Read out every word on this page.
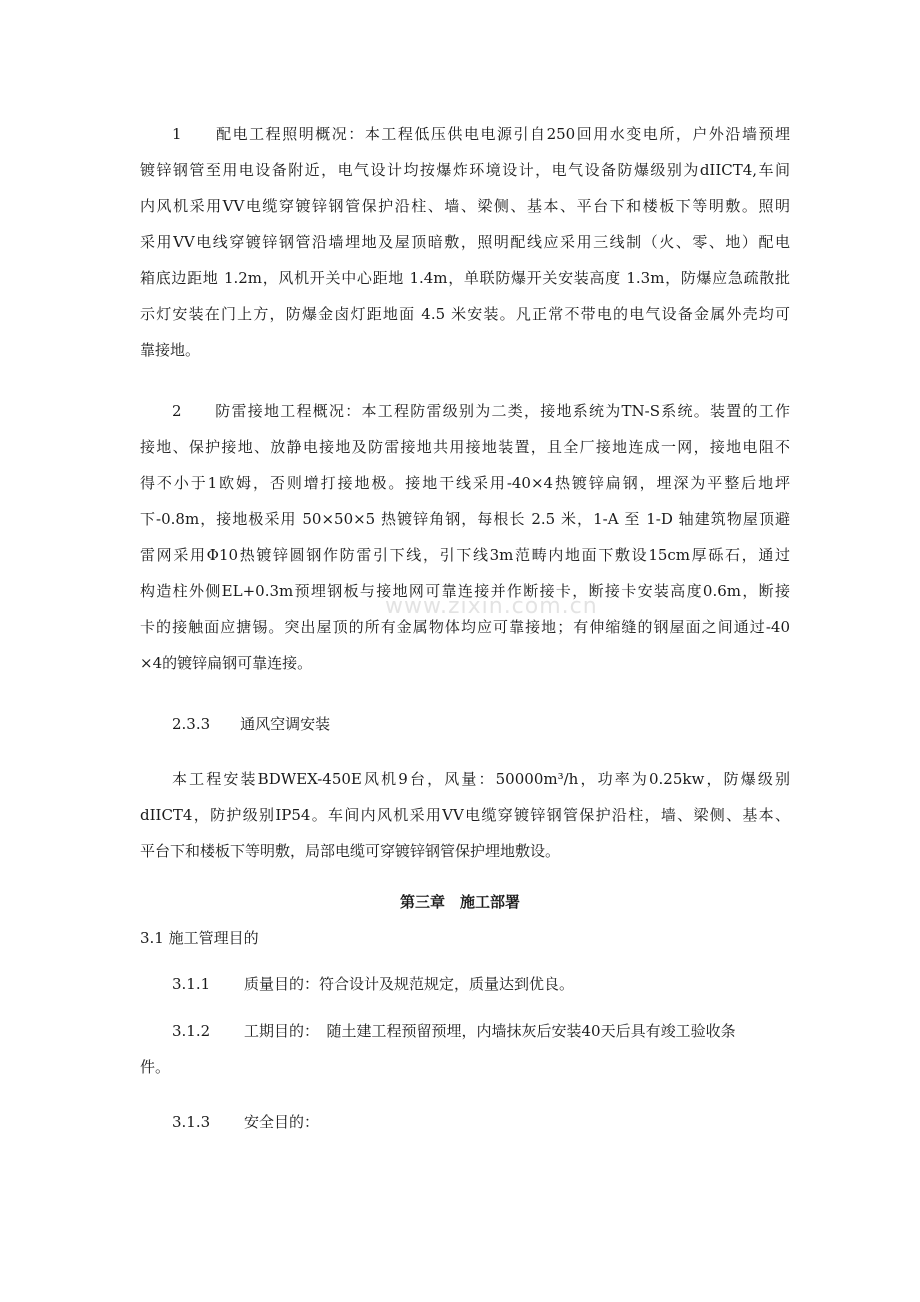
www.zixin.com.cn
1　　配电工程照明概况：本工程低压供电电源引自250回用水变电所，户外沿墙预埋
镀锌钢管至用电设备附近，电气设计均按爆炸环境设计，电气设备防爆级别为dIICT4,车间
内风机采用VV电缆穿镀锌钢管保护沿柱、墙、梁侧、基本、平台下和楼板下等明敷。照明
采用VV电线穿镀锌钢管沿墙埋地及屋顶暗敷，照明配线应采用三线制（火、零、地）配电
箱底边距地 1.2m，风机开关中心距地 1.4m，单联防爆开关安装高度 1.3m，防爆应急疏散批
示灯安装在门上方，防爆金卤灯距地面 4.5 米安装。凡正常不带电的电气设备金属外壳均可
靠接地。
2　　防雷接地工程概况：本工程防雷级别为二类，接地系统为TN-S系统。装置的工作
接地、保护接地、放静电接地及防雷接地共用接地装置，且全厂接地连成一网，接地电阻不
得不小于1欧姆，否则增打接地极。接地干线采用-40×4热镀锌扁钢，埋深为平整后地坪
下-0.8m，接地极采用 50×50×5 热镀锌角钢，每根长 2.5 米，1-A 至 1-D 轴建筑物屋顶避
雷网采用Φ10热镀锌圆钢作防雷引下线，引下线3m范畴内地面下敷设15cm厚砾石，通过
构造柱外侧EL+0.3m预埋钢板与接地网可靠连接并作断接卡，断接卡安装高度0.6m，断接
卡的接触面应搪锡。突出屋顶的所有金属物体均应可靠接地；有伸缩缝的钢屋面之间通过-40
×4的镀锌扁钢可靠连接。
2.3.3　　通风空调安装
本工程安装BDWEX-450E风机9台，风量：50000m³/h，功率为0.25kw，防爆级别
dIICT4，防护级别IP54。车间内风机采用VV电缆穿镀锌钢管保护沿柱，墙、梁侧、基本、
平台下和楼板下等明敷，局部电缆可穿镀锌钢管保护埋地敷设。
第三章　施工部署
3.1 施工管理目的
3.1.1 质量目的：符合设计及规范规定，质量达到优良。
3.1.2 工期目的：　随土建工程预留预埋，内墙抹灰后安装40天后具有竣工验收条
件。
3.1.3 安全目的：
